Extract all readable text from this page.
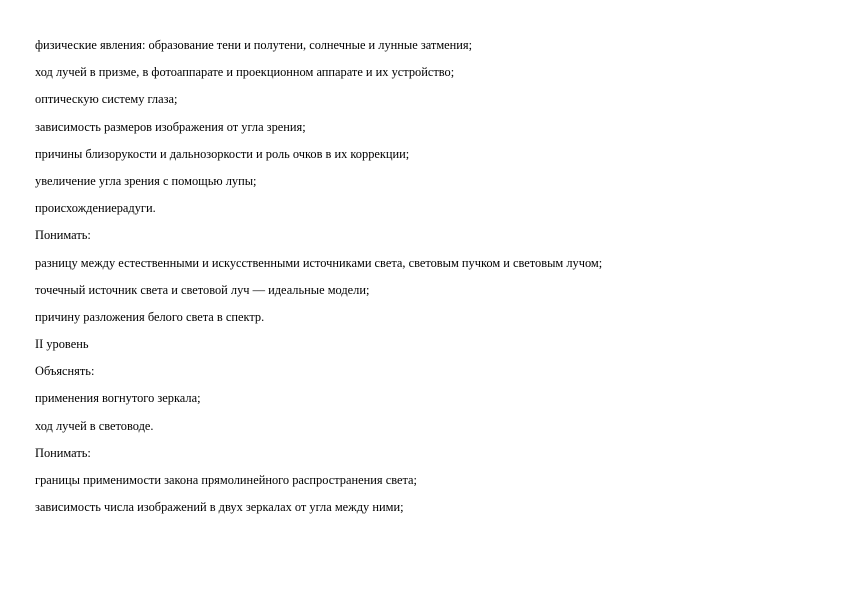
физические явления: образование тени и полутени, солнечные и лунные затмения;
ход лучей в призме, в фотоаппарате и проекционном аппарате и их устройство;
оптическую систему глаза;
зависимость размеров изображения от угла зрения;
причины близорукости и дальнозоркости и роль очков в их коррекции;
увеличение угла зрения с помощью лупы;
происхождениерадуги.
Понимать:
разницу между естественными и искусственными источниками света, световым пучком и световым лучом;
точечный источник света и световой луч — идеальные модели;
причину разложения белого света в спектр.
II уровень
Объяснять:
применения вогнутого зеркала;
ход лучей в световоде.
Понимать:
границы применимости закона прямолинейного распространения света;
зависимость числа изображений в двух зеркалах от угла между ними;
